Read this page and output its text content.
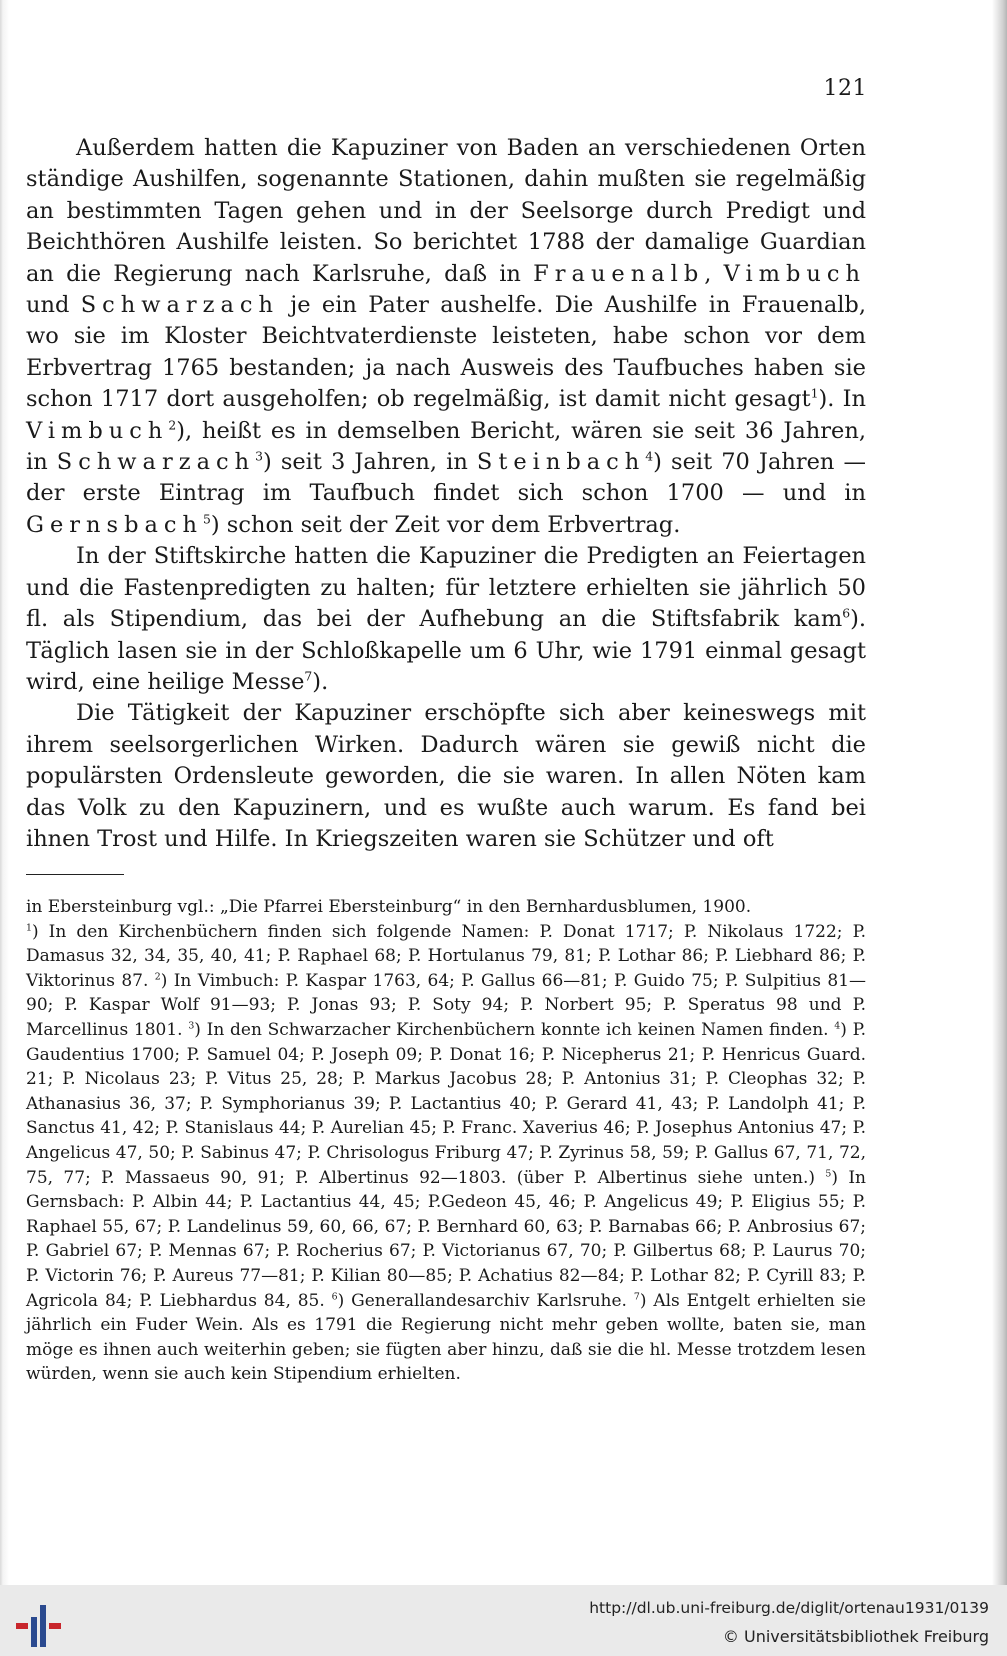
121

Außerdem hatten die Kapuziner von Baden an verschiedenen Orten ständige Aushilfen, sogenannte Stationen, dahin mußten sie regelmäßig an bestimmten Tagen gehen und in der Seelsorge durch Predigt und Beichthören Aushilfe leisten. So berichtet 1788 der damalige Guardian an die Regierung nach Karlsruhe, daß in Frauenalb, Vimbuch und Schwarzach je ein Pater aushelfe. Die Aushilfe in Frauenalb, wo sie im Kloster Beichtvaterdienste leisteten, habe schon vor dem Erbvertrag 1765 bestanden; ja nach Ausweis des Taufbuches haben sie schon 1717 dort ausgeholfen; ob regelmäßig, ist damit nicht gesagt$^1$). In Vimbuch$^2$), heißt es in demselben Bericht, wären sie seit 36 Jahren, in Schwarzach$^3$) seit 3 Jahren, in Steinbach$^4$) seit 70 Jahren — der erste Eintrag im Taufbuch findet sich schon 1700 — und in Gernsbach$^5$) schon seit der Zeit vor dem Erbvertrag.

In der Stiftskirche hatten die Kapuziner die Predigten an Feiertagen und die Fastenpredigten zu halten; für letztere erhielten sie jährlich 50 fl. als Stipendium, das bei der Aufhebung an die Stiftsfabrik kam$^6$). Täglich lasen sie in der Schloßkapelle um 6 Uhr, wie 1791 einmal gesagt wird, eine heilige Messe$^7$).

Die Tätigkeit der Kapuziner erschöpfte sich aber keineswegs mit ihrem seelsorgerlichen Wirken. Dadurch wären sie gewiß nicht die populärsten Ordensleute geworden, die sie waren. In allen Nöten kam das Volk zu den Kapuzinern, und es wußte auch warum. Es fand bei ihnen Trost und Hilfe. In Kriegszeiten waren sie Schützer und oft

in Ebersteinburg vgl.: „Die Pfarrei Ebersteinburg“ in den Bernhardusblumen, 1900.
$^1$) In den Kirchenbüchern finden sich folgende Namen: P. Donat 1717; P. Nikolaus 1722; P. Damasus 32, 34, 35, 40, 41; P. Raphael 68; P. Hortulanus 79, 81; P. Lothar 86; P. Liebhard 86; P. Viktorinus 87. $^2$) In Vimbuch: P. Kaspar 1763, 64; P. Gallus 66—81; P. Guido 75; P. Sulpitius 81—90; P. Kaspar Wolf 91—93; P. Jonas 93; P. Soty 94; P. Norbert 95; P. Speratus 98 und P. Marcellinus 1801. $^3$) In den Schwarzacher Kirchenbüchern konnte ich keinen Namen finden. $^4$) P. Gaudentius 1700; P. Samuel 04; P. Joseph 09; P. Donat 16; P. Nicepherus 21; P. Henricus Guard. 21; P. Nicolaus 23; P. Vitus 25, 28; P. Markus Jacobus 28; P. Antonius 31; P. Cleophas 32; P. Athanasius 36, 37; P. Symphorianus 39; P. Lactantius 40; P. Gerard 41, 43; P. Landolph 41; P. Sanctus 41, 42; P. Stanislaus 44; P. Aurelian 45; P. Franc. Xaverius 46; P. Josephus Antonius 47; P. Angelicus 47, 50; P. Sabinus 47; P. Chrisologus Friburg 47; P. Zyrinus 58, 59; P. Gallus 67, 71, 72, 75, 77; P. Massaeus 90, 91; P. Albertinus 92—1803. (über P. Albertinus siehe unten.) $^5$) In Gernsbach: P. Albin 44; P. Lactantius 44, 45; P.Gedeon 45, 46; P. Angelicus 49; P. Eligius 55; P. Raphael 55, 67; P. Landelinus 59, 60, 66, 67; P. Bernhard 60, 63; P. Barnabas 66; P. Anbrosius 67; P. Gabriel 67; P. Mennas 67; P. Rocherius 67; P. Victorianus 67, 70; P. Gilbertus 68; P. Laurus 70; P. Victorin 76; P. Aureus 77—81; P. Kilian 80—85; P. Achatius 82—84; P. Lothar 82; P. Cyrill 83; P. Agricola 84; P. Liebhardus 84, 85. $^6$) Generallandesarchiv Karlsruhe. $^7$) Als Entgelt erhielten sie jährlich ein Fuder Wein. Als es 1791 die Regierung nicht mehr geben wollte, baten sie, man möge es ihnen auch weiterhin geben; sie fügten aber hinzu, daß sie die hl. Messe trotzdem lesen würden, wenn sie auch kein Stipendium erhielten.

http://dl.ub.uni-freiburg.de/diglit/ortenau1931/0139
© Universitätsbibliothek Freiburg
